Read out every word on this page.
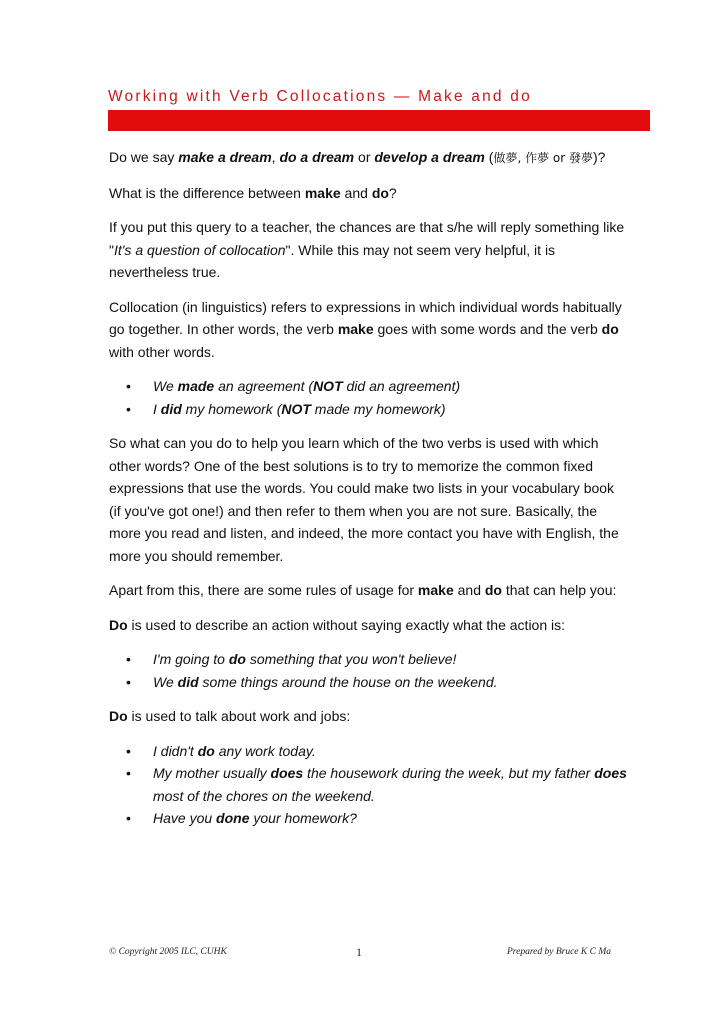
Working with Verb Collocations — Make and do

Do we say make a dream, do a dream or develop a dream (做夢, 作夢 or 發夢)?

What is the difference between make and do?

If you put this query to a teacher, the chances are that s/he will reply something like "It's a question of collocation". While this may not seem very helpful, it is nevertheless true.

Collocation (in linguistics) refers to expressions in which individual words habitually go together. In other words, the verb make goes with some words and the verb do with other words.

• We made an agreement (NOT did an agreement)
• I did my homework (NOT made my homework)

So what can you do to help you learn which of the two verbs is used with which other words? One of the best solutions is to try to memorize the common fixed expressions that use the words. You could make two lists in your vocabulary book (if you've got one!) and then refer to them when you are not sure. Basically, the more you read and listen, and indeed, the more contact you have with English, the more you should remember.

Apart from this, there are some rules of usage for make and do that can help you:

Do is used to describe an action without saying exactly what the action is:

• I'm going to do something that you won't believe!
• We did some things around the house on the weekend.

Do is used to talk about work and jobs:

• I didn't do any work today.
• My mother usually does the housework during the week, but my father does most of the chores on the weekend.
• Have you done your homework?
© Copyright 2005 ILC, CUHK	1	Prepared by Bruce K C Ma
